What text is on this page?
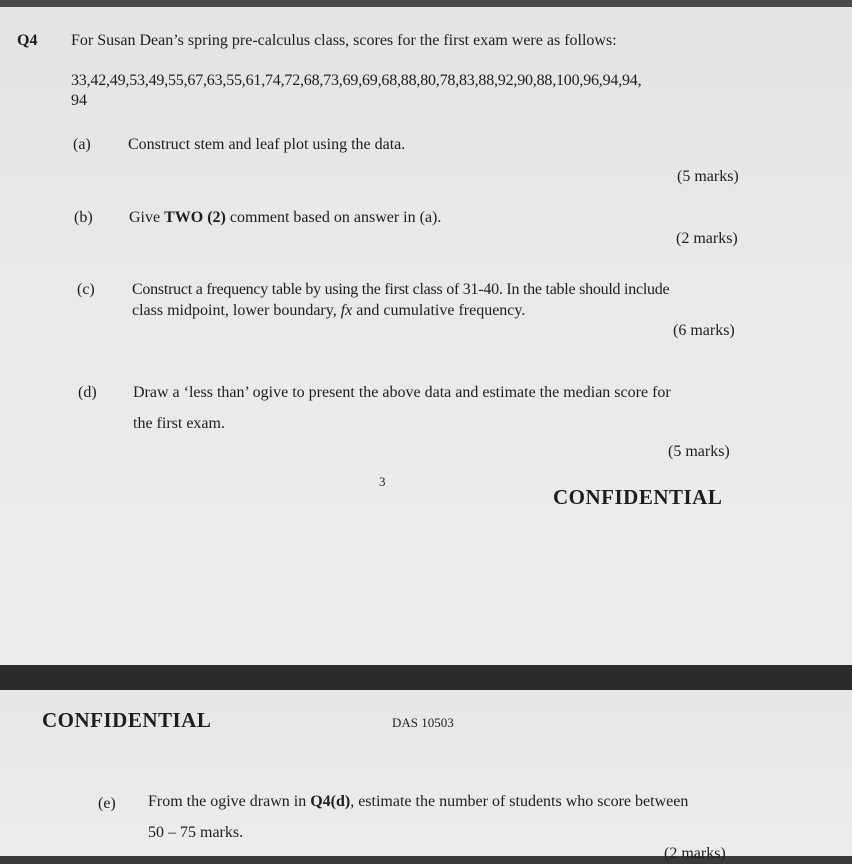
Q4 For Susan Dean’s spring pre-calculus class, scores for the first exam were as follows:
33,42,49,53,49,55,67,63,55,61,74,72,68,73,69,69,68,88,80,78,83,88,92,90,88,100,96,94,94,
94
(a) Construct stem and leaf plot using the data.
(5 marks)
(b) Give TWO (2) comment based on answer in (a).
(2 marks)
(c) Construct a frequency table by using the first class of 31-40. In the table should include
class midpoint, lower boundary, fx and cumulative frequency.
(6 marks)
(d) Draw a ‘less than’ ogive to present the above data and estimate the median score for
the first exam.
(5 marks)
3
CONFIDENTIAL
CONFIDENTIAL	DAS 10503
(e) From the ogive drawn in Q4(d), estimate the number of students who score between
50 – 75 marks.
(2 marks)
